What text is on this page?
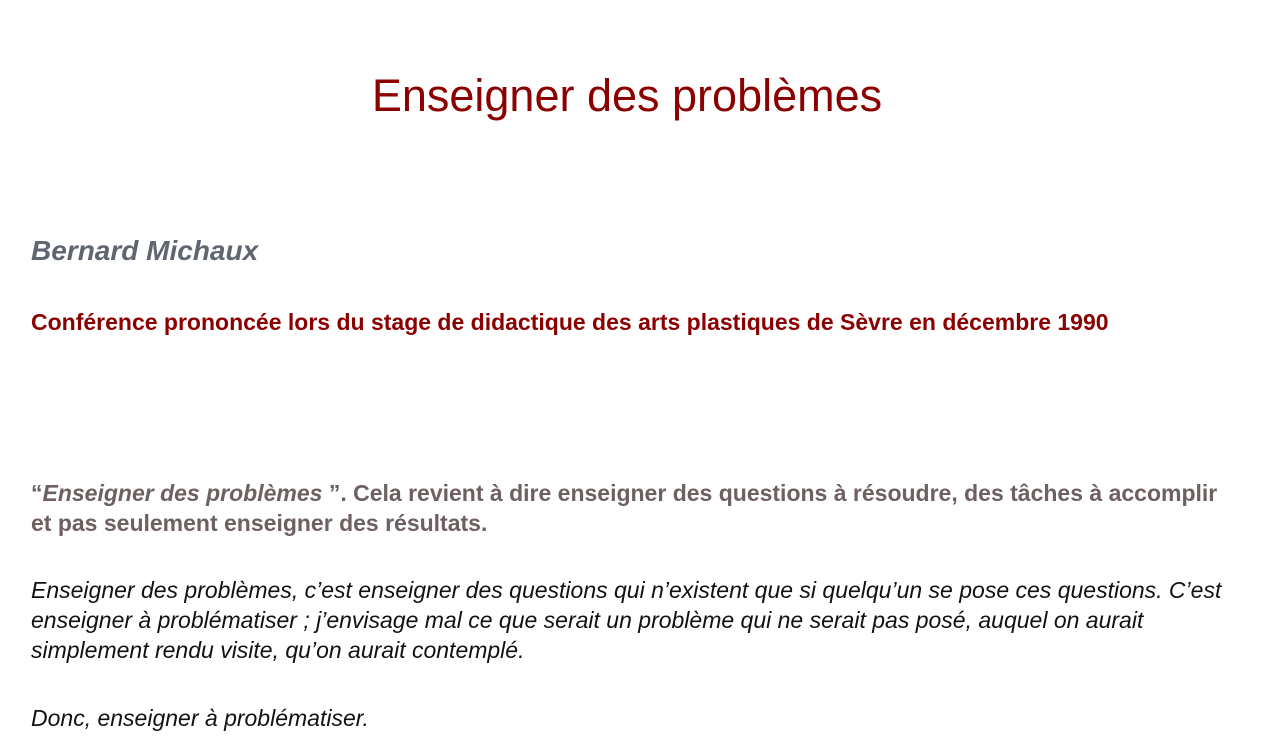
Enseigner des problèmes

Bernard Michaux

Conférence prononcée lors du stage de didactique des arts plastiques de Sèvre en décembre 1990

“Enseigner des problèmes ”. Cela revient à dire enseigner des questions à résoudre, des tâches à accomplir et pas seulement enseigner des résultats.

Enseigner des problèmes, c’est enseigner des questions qui n’existent que si quelqu’un se pose ces questions. C’est enseigner à problématiser ; j’envisage mal ce que serait un problème qui ne serait pas posé, auquel on aurait simplement rendu visite, qu’on aurait contemplé.

Donc, enseigner à problématiser.
